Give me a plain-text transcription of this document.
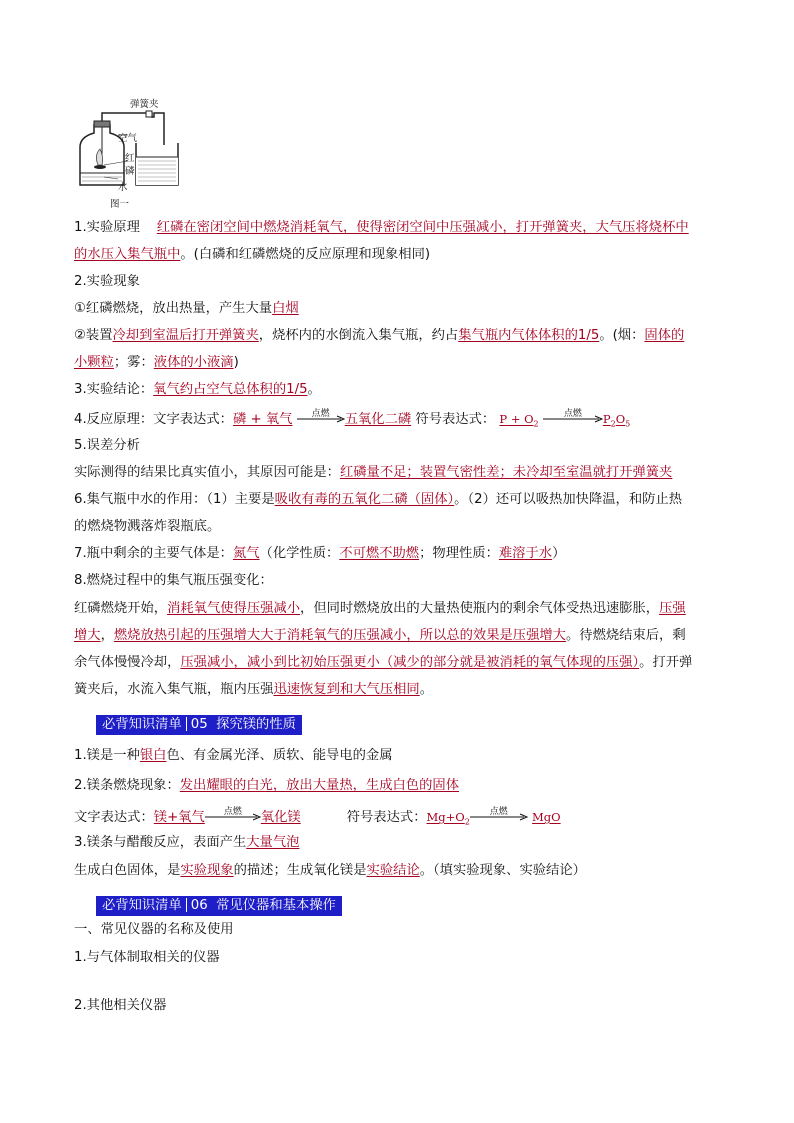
弹簧夹
空气
红
磷
水
图一
1.实验原理 红磷在密闭空间中燃烧消耗氧气，使得密闭空间中压强减小，打开弹簧夹，大气压将烧杯中
的水压入集气瓶中。(白磷和红磷燃烧的反应原理和现象相同)
2.实验现象
①红磷燃烧，放出热量，产生大量白烟
②装置冷却到室温后打开弹簧夹，烧杯内的水倒流入集气瓶，约占集气瓶内气体体积的1/5。(烟：固体的
小颗粒；雾：液体的小液滴)
3.实验结论：氧气约占空气总体积的1/5。
4.反应原理：文字表达式：磷 + 氧气	点燃	五氧化二磷 符号表达式： $P + O_2$
点燃	$P_2O_5$
5.误差分析
实际测得的结果比真实值小，其原因可能是：红磷量不足；装置气密性差；未冷却至室温就打开弹簧夹
6.集气瓶中水的作用：（1）主要是吸收有毒的五氧化二磷（固体）。（2）还可以吸热加快降温，和防止热
的燃烧物溅落炸裂瓶底。
7.瓶中剩余的主要气体是：氮气（化学性质：不可燃不助燃；物理性质：难溶于水）
8.燃烧过程中的集气瓶压强变化：
红磷燃烧开始，消耗氧气使得压强减小，但同时燃烧放出的大量热使瓶内的剩余气体受热迅速膨胀，压强
增大，燃烧放热引起的压强增大大于消耗氧气的压强减小，所以总的效果是压强增大。待燃烧结束后，剩
余气体慢慢冷却，压强减小，减小到比初始压强更小（减少的部分就是被消耗的氧气体现的压强）。打开弹
簧夹后，水流入集气瓶，瓶内压强迅速恢复到和大气压相同。
必背知识清单 05 探究镁的性质
1.镁是一种银白色、有金属光泽、质软、能导电的金属
2.镁条燃烧现象：发出耀眼的白光，放出大量热，生成白色的固体
文字表达式：镁+氧气	点燃	氧化镁	符号表达式：$Mg+O_2$
点燃	MgO
3.镁条与醋酸反应，表面产生大量气泡
生成白色固体，是实验现象的描述；生成氧化镁是实验结论。（填实验现象、实验结论）
必背知识清单 06 常见仪器和基本操作
一、常见仪器的名称及使用
1.与气体制取相关的仪器
2.其他相关仪器
